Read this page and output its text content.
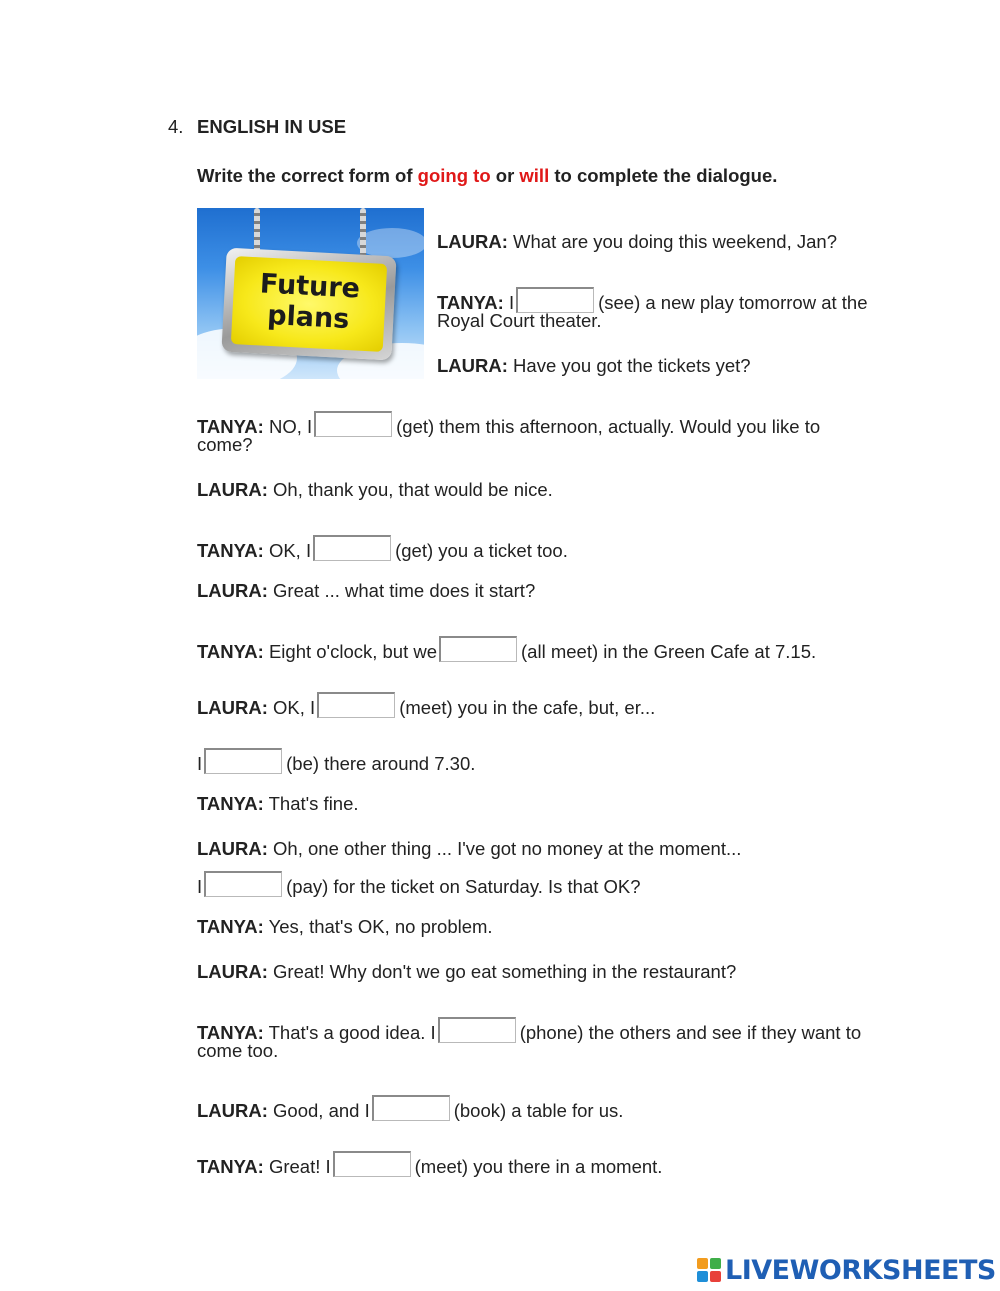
4. ENGLISH IN USE
Write the correct form of going to or will to complete the dialogue.
Future
plans
LAURA: What are you doing this weekend, Jan?
TANYA: I	(see) a new play tomorrow at the
Royal Court theater.
LAURA: Have you got the tickets yet?
TANYA: NO, I	(get) them this afternoon, actually. Would you like to
come?
LAURA: Oh, thank you, that would be nice.
TANYA: OK, I	(get) you a ticket too.
LAURA: Great ... what time does it start?
TANYA: Eight o'clock, but we	(all meet) in the Green Cafe at 7.15.
LAURA: OK, I	(meet) you in the cafe, but, er...
I	(be) there around 7.30.
TANYA: That's fine.
LAURA: Oh, one other thing ... I've got no money at the moment...
I	(pay) for the ticket on Saturday. Is that OK?
TANYA: Yes, that's OK, no problem.
LAURA: Great! Why don't we go eat something in the restaurant?
TANYA: That's a good idea. I	(phone) the others and see if they want to
come too.
LAURA: Good, and I	(book) a table for us.
TANYA: Great! I	(meet) you there in a moment.
LIVEWORKSHEETS
